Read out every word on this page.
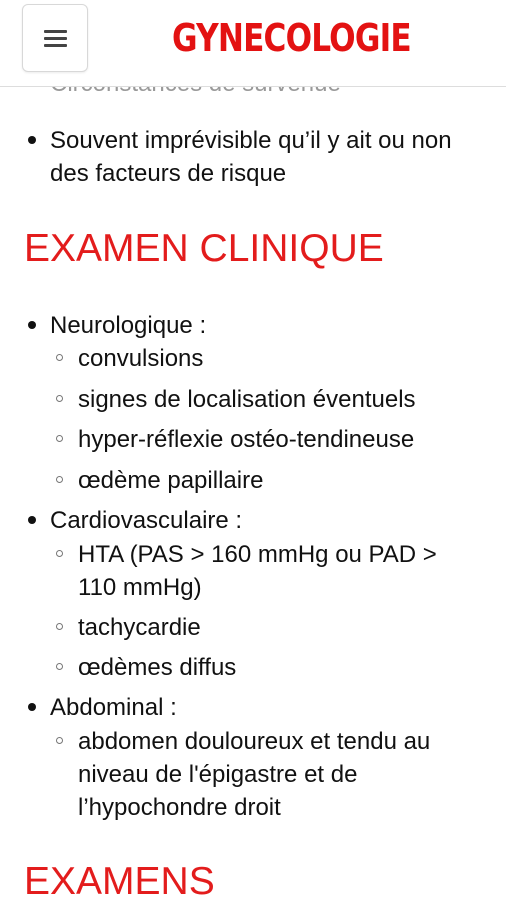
Souvent imprévisible qu’il y ait ou non des facteurs de risque
EXAMEN CLINIQUE
Neurologique :
convulsions
signes de localisation éventuels
hyper-réflexie ostéo-tendineuse
œdème papillaire
Cardiovasculaire :
HTA (PAS > 160 mmHg ou PAD > 110 mmHg)
tachycardie
œdèmes diffus
Abdominal :
abdomen douloureux et tendu au niveau de l'épigastre et de l’hypochondre droit
EXAMENS
GYNECOLOGIE
